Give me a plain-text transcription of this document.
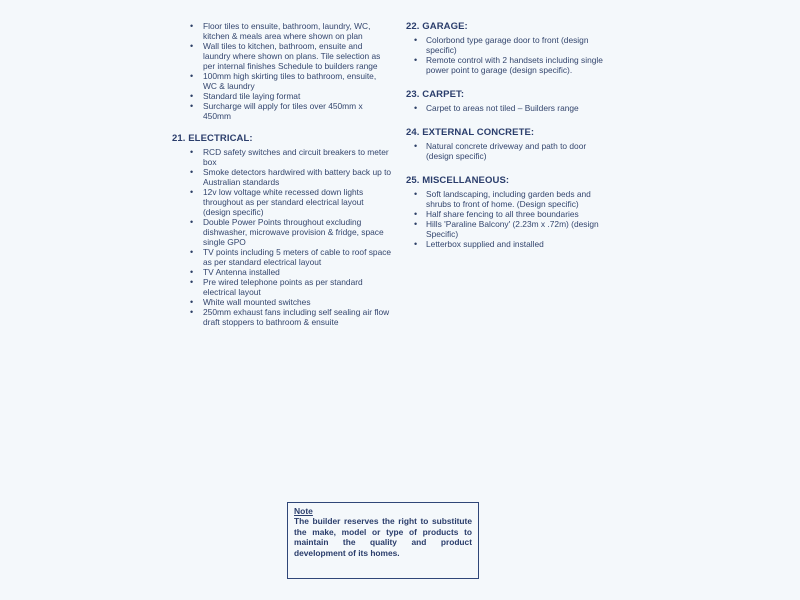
• Floor tiles to ensuite, bathroom, laundry, WC, kitchen & meals area where shown on plan
• Wall tiles to kitchen, bathroom, ensuite and laundry where shown on plans. Tile selection as per internal finishes Schedule to builders range
• 100mm high skirting tiles to bathroom, ensuite, WC & laundry
• Standard tile laying format
• Surcharge will apply for tiles over 450mm x 450mm
21. ELECTRICAL:
• RCD safety switches and circuit breakers to meter box
• Smoke detectors hardwired with battery back up to Australian standards
• 12v low voltage white recessed down lights throughout as per standard electrical layout (design specific)
• Double Power Points throughout excluding dishwasher, microwave provision & fridge, space single GPO
• TV points including 5 meters of cable to roof space as per standard electrical layout
• TV Antenna installed
• Pre wired telephone points as per standard electrical layout
• White wall mounted switches
• 250mm exhaust fans including self sealing air flow draft stoppers to bathroom & ensuite
22. GARAGE:
• Colorbond type garage door to front (design specific)
• Remote control with 2 handsets including single power point to garage (design specific).
23. CARPET:
• Carpet to areas not tiled – Builders range
24. EXTERNAL CONCRETE:
• Natural concrete driveway and path to door (design specific)
25. MISCELLANEOUS:
• Soft landscaping, including garden beds and shrubs to front of home. (Design specific)
• Half share fencing to all three boundaries
• Hills 'Paraline Balcony' (2.23m x .72m) (design Specific)
• Letterbox supplied and installed
Note
The builder reserves the right to substitute the make, model or type of products to maintain the quality and product development of its homes.
